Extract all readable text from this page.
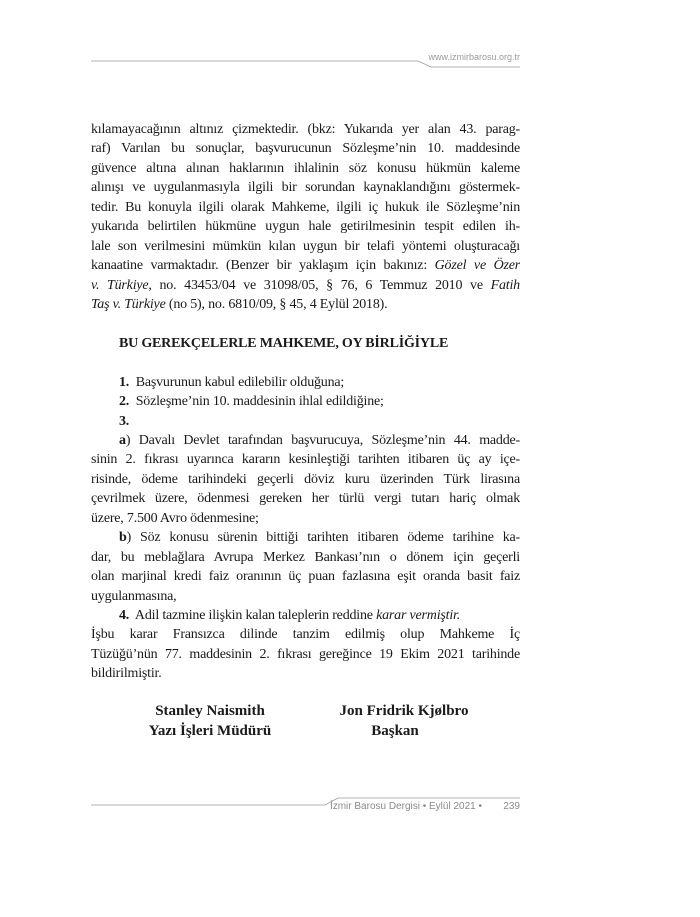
www.izmirbarosu.org.tr
kılamayacağının altınız çizmektedir. (bkz: Yukarıda yer alan 43. parag-
raf) Varılan bu sonuçlar, başvurucunun Sözleşme’nin 10. maddesinde
güvence altına alınan haklarının ihlalinin söz konusu hükmün kaleme
alınışı ve uygulanmasıyla ilgili bir sorundan kaynaklandığını göstermek-
tedir. Bu konuyla ilgili olarak Mahkeme, ilgili iç hukuk ile Sözleşme’nin
yukarıda belirtilen hükmüne uygun hale getirilmesinin tespit edilen ih-
lale son verilmesini mümkün kılan uygun bir telafi yöntemi oluşturacağı
kanaatine varmaktadır. (Benzer bir yaklaşım için bakınız: Gözel ve Özer
v. Türkiye, no. 43453/04 ve 31098/05, § 76, 6 Temmuz 2010 ve Fatih
Taş v. Türkiye (no 5), no. 6810/09, § 45, 4 Eylül 2018).
BU GEREKÇELERLE MAHKEME, OY BİRLİĞİYLE
1.  Başvurunun kabul edilebilir olduğuna;
2.  Sözleşme’nin 10. maddesinin ihlal edildiğine;
3.
a) Davalı Devlet tarafından başvurucuya, Sözleşme’nin 44. madde-
sinin 2. fıkrası uyarınca kararın kesinleştiği tarihten itibaren üç ay içe-
risinde, ödeme tarihindeki geçerli döviz kuru üzerinden Türk lirasına
çevrilmek üzere, ödenmesi gereken her türlü vergi tutarı hariç olmak
üzere, 7.500 Avro ödenmesine;
b) Söz konusu sürenin bittiği tarihten itibaren ödeme tarihine ka-
dar, bu meblağlara Avrupa Merkez Bankası’nın o dönem için geçerli
olan marjinal kredi faiz oranının üç puan fazlasına eşit oranda basit faiz
uygulanmasına,
4.  Adil tazmine ilişkin kalan taleplerin reddine karar vermiştir.
İşbu karar Fransızca dilinde tanzim edilmiş olup Mahkeme İç
Tüzüğü’nün 77. maddesinin 2. fıkrası gereğince 19 Ekim 2021 tarihinde
bildirilmiştir.
Stanley Naismith
Yazı İşleri Müdürü
Jon Fridrik Kjølbro
Başkan
İzmir Barosu Dergisi • Eylül 2021 • 239
